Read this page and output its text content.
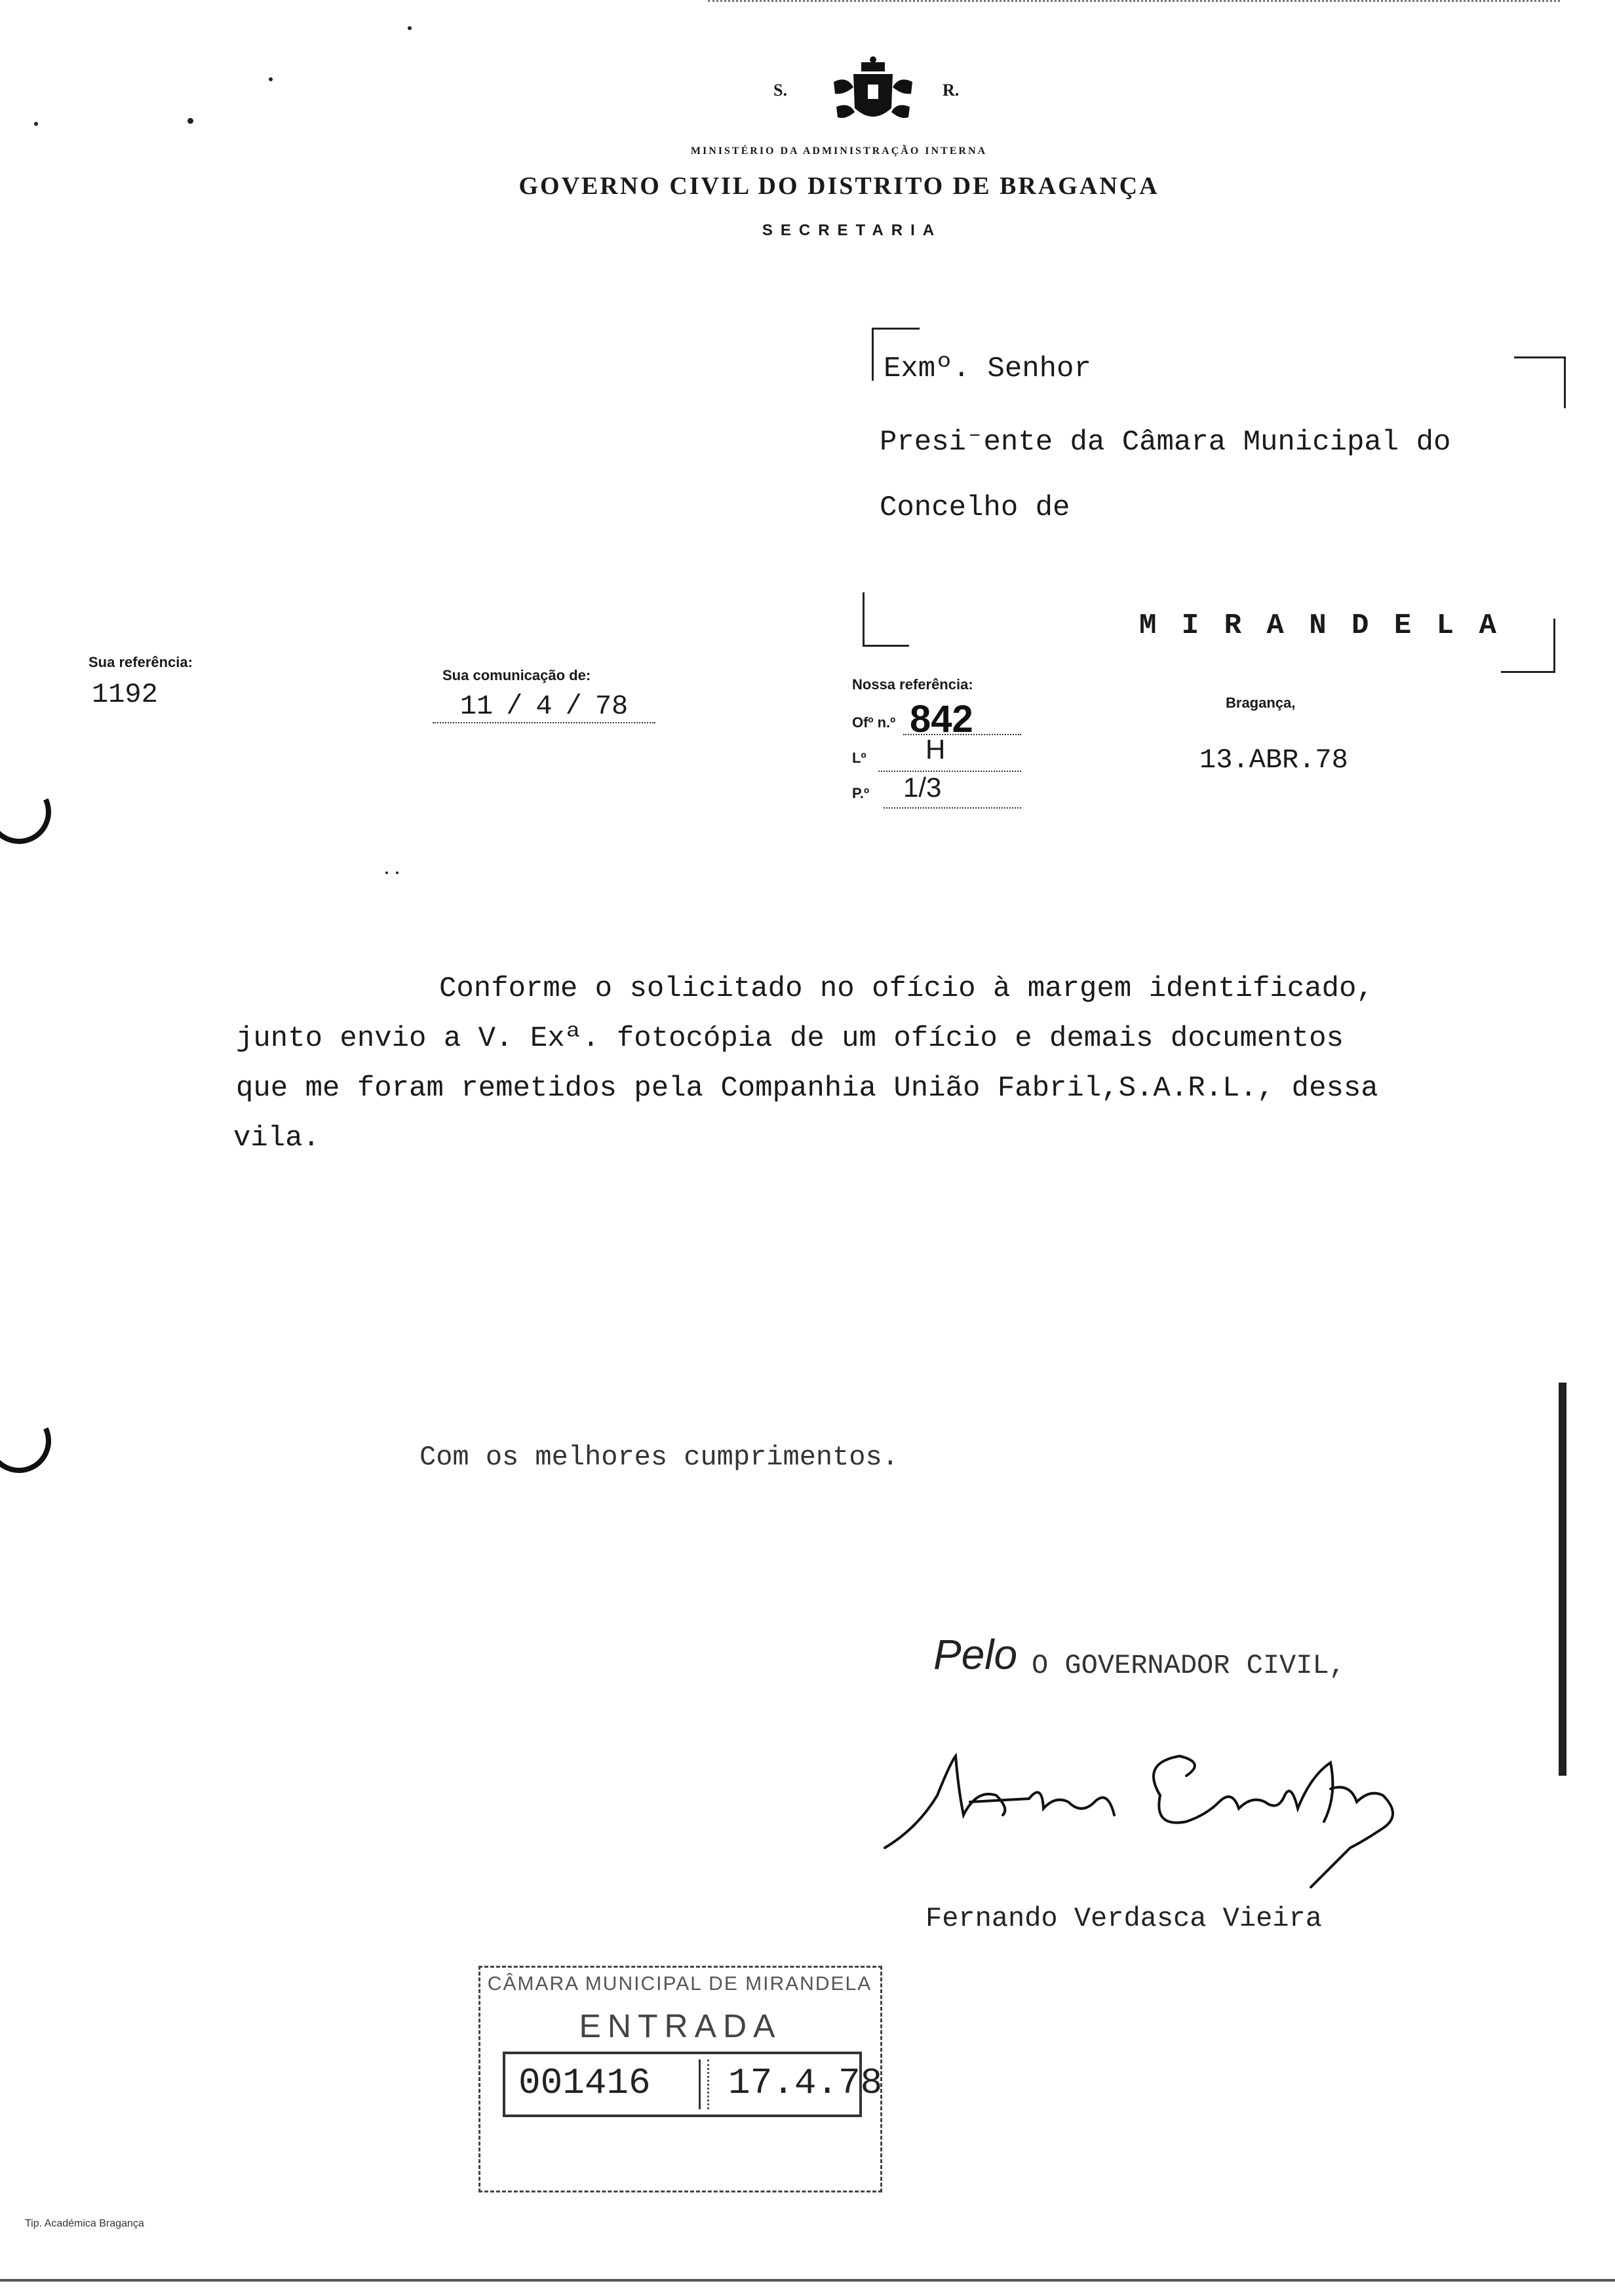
S.	R.
MINISTÉRIO DA ADMINISTRAÇÃO INTERNA
GOVERNO CIVIL DO DISTRITO DE BRAGANÇA
SECRETARIA
Exmº. Senhor
Presi⁻ente da Câmara Municipal do
Concelho de
M I R A N D E L A
Sua referência:
1192
Sua comunicação de:
11 / 4 / 78
Nossa referência:
Ofº n.º 842
Lº H
P.º 1/3
Bragança,
13.ABR.78
Conforme o solicitado no ofício à margem identificado,
junto envio a V. Exª. fotocópia de um ofício e demais documentos
que me foram remetidos pela Companhia União Fabril,S.A.R.L., dessa
vila.
Com os melhores cumprimentos.
Pelo O GOVERNADOR CIVIL,
Fernando Verdasca Vieira
CÂMARA MUNICIPAL DE MIRANDELA
ENTRADA
001416 17.4.78
Tip. Académica Bragança
